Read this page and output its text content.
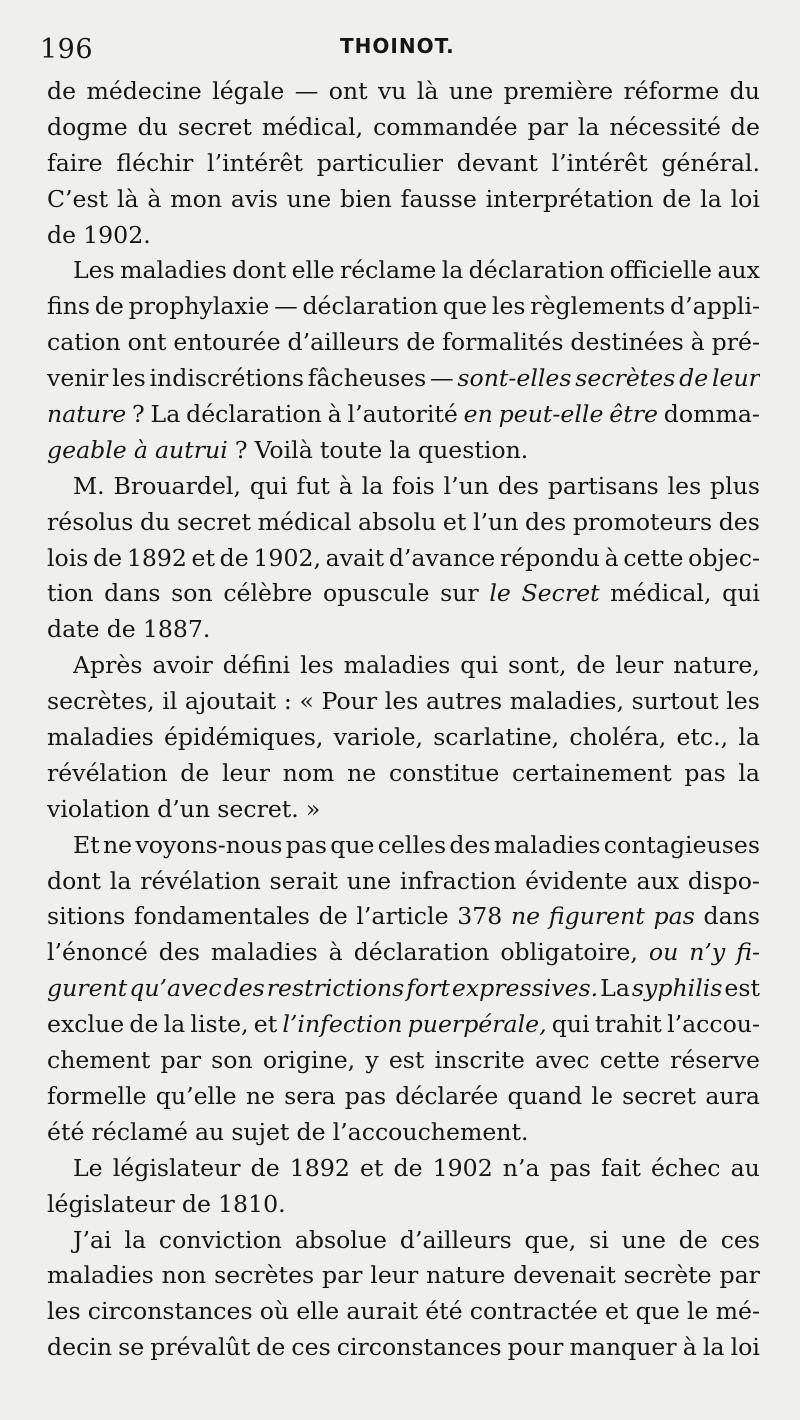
196	THOINOT.
de médecine légale — ont vu là une première réforme du
dogme du secret médical, commandée par la nécessité de
faire fléchir l’intérêt particulier devant l’intérêt général.
C’est là à mon avis une bien fausse interprétation de la loi
de 1902.
Les maladies dont elle réclame la déclaration officielle aux
fins de prophylaxie — déclaration que les règlements d’appli-
cation ont entourée d’ailleurs de formalités destinées à pré-
venir les indiscrétions fâcheuses — sont-elles secrètes de leur
nature ? La déclaration à l’autorité en peut-elle être domma-
geable à autrui ? Voilà toute la question.
M. Brouardel, qui fut à la fois l’un des partisans les plus
résolus du secret médical absolu et l’un des promoteurs des
lois de 1892 et de 1902, avait d’avance répondu à cette objec-
tion dans son célèbre opuscule sur le Secret médical, qui
date de 1887.
Après avoir défini les maladies qui sont, de leur nature,
secrètes, il ajoutait : « Pour les autres maladies, surtout les
maladies épidémiques, variole, scarlatine, choléra, etc., la
révélation de leur nom ne constitue certainement pas la
violation d’un secret. »
Et ne voyons-nous pas que celles des maladies contagieuses
dont la révélation serait une infraction évidente aux dispo-
sitions fondamentales de l’article 378 ne figurent pas dans
l’énoncé des maladies à déclaration obligatoire, ou n’y fi-
gurent qu’avec des restrictions fort expressives. La syphilis est
exclue de la liste, et l’infection puerpérale, qui trahit l’accou-
chement par son origine, y est inscrite avec cette réserve
formelle qu’elle ne sera pas déclarée quand le secret aura
été réclamé au sujet de l’accouchement.
Le législateur de 1892 et de 1902 n’a pas fait échec au
législateur de 1810.
J’ai la conviction absolue d’ailleurs que, si une de ces
maladies non secrètes par leur nature devenait secrète par
les circonstances où elle aurait été contractée et que le mé-
decin se prévalût de ces circonstances pour manquer à la loi
